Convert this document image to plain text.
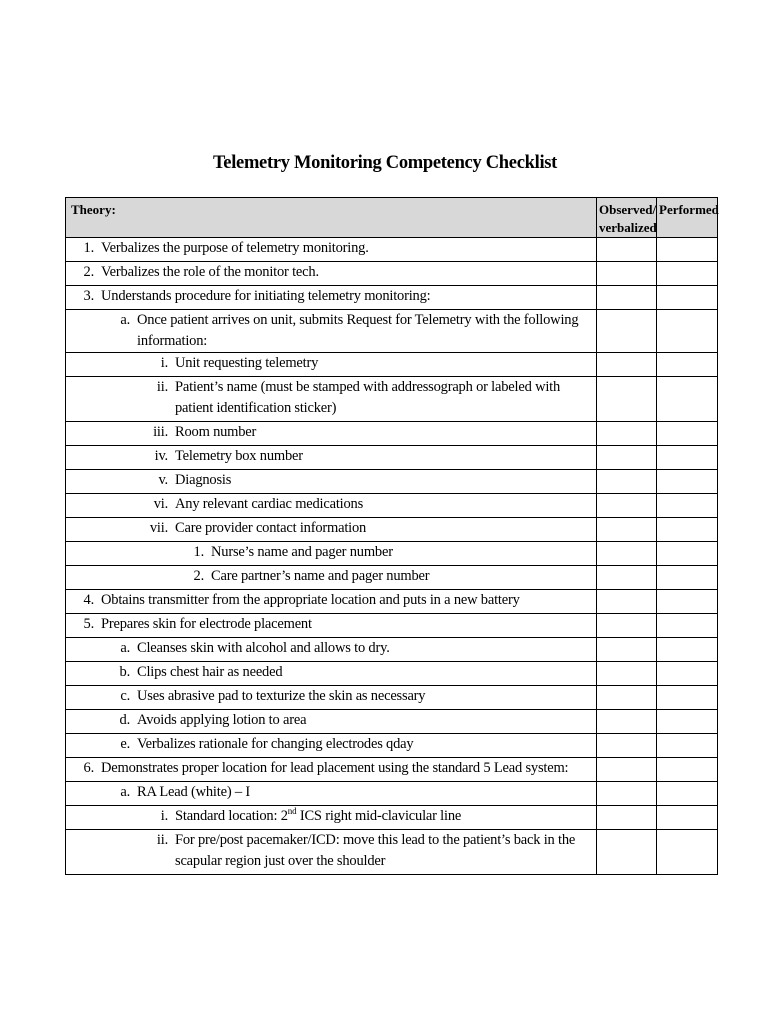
Telemetry Monitoring Competency Checklist
Theory:	Observed/ verbalized	Performed

1. Verbalizes the purpose of telemetry monitoring.		

2. Verbalizes the role of the monitor tech.		

3. Understands procedure for initiating telemetry monitoring:		

a. Once patient arrives on unit, submits Request for Telemetry with the following information:		

i. Unit requesting telemetry		

ii. Patient’s name (must be stamped with addressograph or labeled with patient identification sticker)		

iii. Room number		

iv. Telemetry box number		

v. Diagnosis		

vi. Any relevant cardiac medications		

vii. Care provider contact information		

1. Nurse’s name and pager number		

2. Care partner’s name and pager number		

4. Obtains transmitter from the appropriate location and puts in a new battery		

5. Prepares skin for electrode placement		

a. Cleanses skin with alcohol and allows to dry.		

b. Clips chest hair as needed		

c. Uses abrasive pad to texturize the skin as necessary		

d. Avoids applying lotion to area		

e. Verbalizes rationale for changing electrodes qday		

6. Demonstrates proper location for lead placement using the standard 5 Lead system:		

a. RA Lead (white) – I		

i. Standard location: 2nd ICS right mid-clavicular line		

ii. For pre/post pacemaker/ICD: move this lead to the patient’s back in the scapular region just over the shoulder		
